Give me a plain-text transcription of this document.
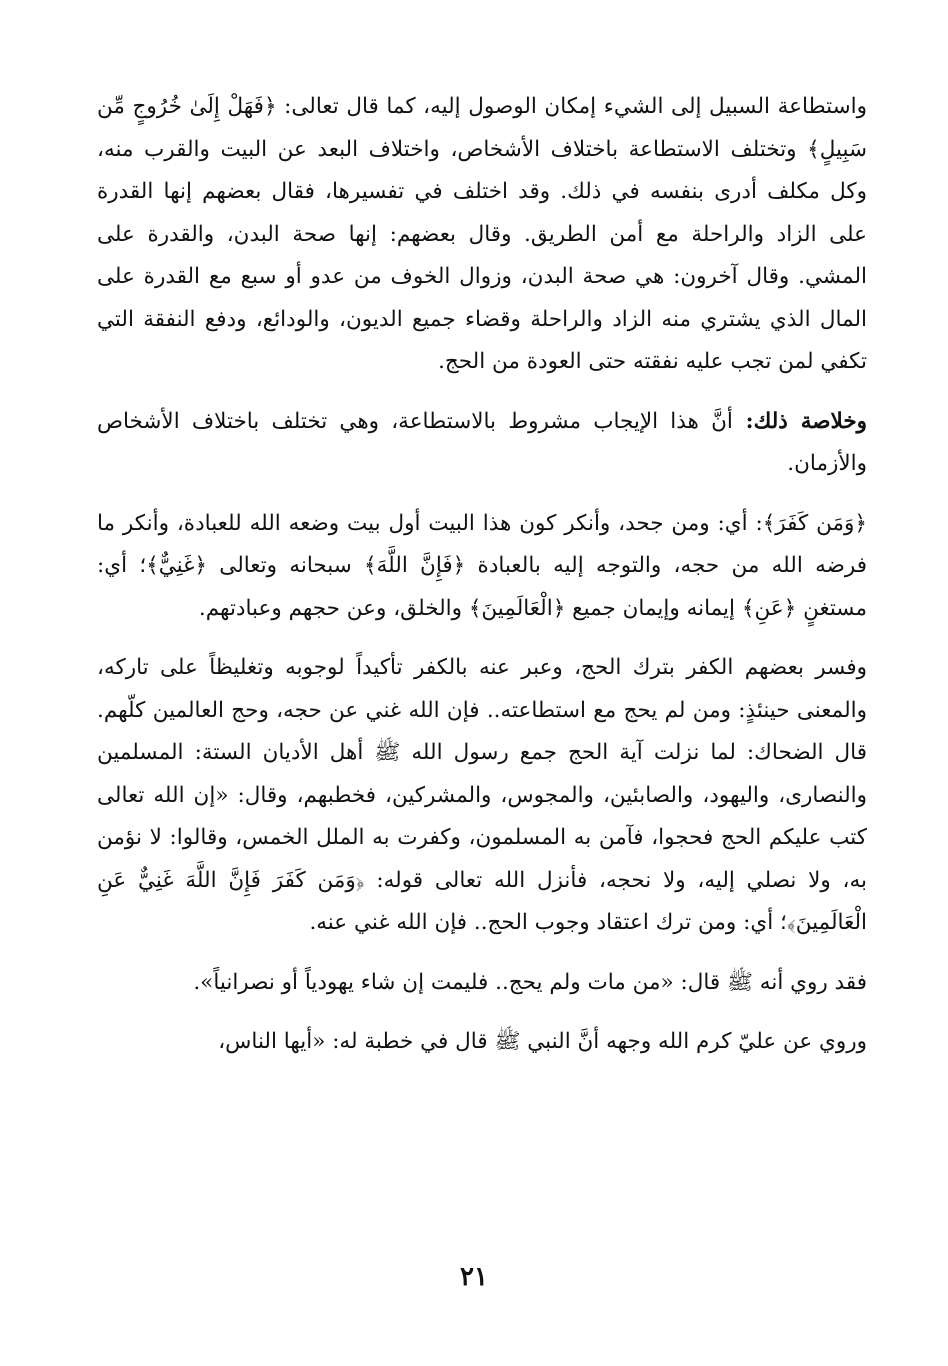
واستطاعة السبيل إلى الشيء إمكان الوصول إليه، كما قال تعالى: ﴿فَهَلْ إِلَىٰ خُرُوجٍ مِّن سَبِيلٍ﴾ وتختلف الاستطاعة باختلاف الأشخاص، واختلاف البعد عن البيت والقرب منه، وكل مكلف أدرى بنفسه في ذلك. وقد اختلف في تفسيرها، فقال بعضهم إنها القدرة على الزاد والراحلة مع أمن الطريق. وقال بعضهم: إنها صحة البدن، والقدرة على المشي. وقال آخرون: هي صحة البدن، وزوال الخوف من عدو أو سبع مع القدرة على المال الذي يشتري منه الزاد والراحلة وقضاء جميع الديون، والودائع، ودفع النفقة التي تكفي لمن تجب عليه نفقته حتى العودة من الحج.

وخلاصة ذلك: أنَّ هذا الإيجاب مشروط بالاستطاعة، وهي تختلف باختلاف الأشخاص والأزمان.

﴿وَمَن كَفَرَ﴾: أي: ومن جحد، وأنكر كون هذا البيت أول بيت وضعه الله للعبادة، وأنكر ما فرضه الله من حجه، والتوجه إليه بالعبادة ﴿فَإِنَّ اللَّهَ﴾ سبحانه وتعالى ﴿غَنِيٌّ﴾؛ أي: مستغنٍ ﴿عَنِ﴾ إيمانه وإيمان جميع ﴿الْعَالَمِينَ﴾ والخلق، وعن حجهم وعبادتهم.

وفسر بعضهم الكفر بترك الحج، وعبر عنه بالكفر تأكيداً لوجوبه وتغليظاً على تاركه، والمعنى حينئذٍ: ومن لم يحج مع استطاعته.. فإن الله غني عن حجه، وحج العالمين كلّهم. قال الضحاك: لما نزلت آية الحج جمع رسول الله ﷺ أهل الأديان الستة: المسلمين والنصارى، واليهود، والصابئين، والمجوس، والمشركين، فخطبهم، وقال: «إن الله تعالى كتب عليكم الحج فحجوا، فآمن به المسلمون، وكفرت به الملل الخمس، وقالوا: لا نؤمن به، ولا نصلي إليه، ولا نحجه، فأنزل الله تعالى قوله: ﴿وَمَن كَفَرَ فَإِنَّ اللَّهَ غَنِيٌّ عَنِ الْعَالَمِينَ﴾؛ أي: ومن ترك اعتقاد وجوب الحج.. فإن الله غني عنه.

فقد روي أنه ﷺ قال: «من مات ولم يحج.. فليمت إن شاء يهودياً أو نصرانياً».

وروي عن عليّ كرم الله وجهه أنَّ النبي ﷺ قال في خطبة له: «أيها الناس،

٢١
